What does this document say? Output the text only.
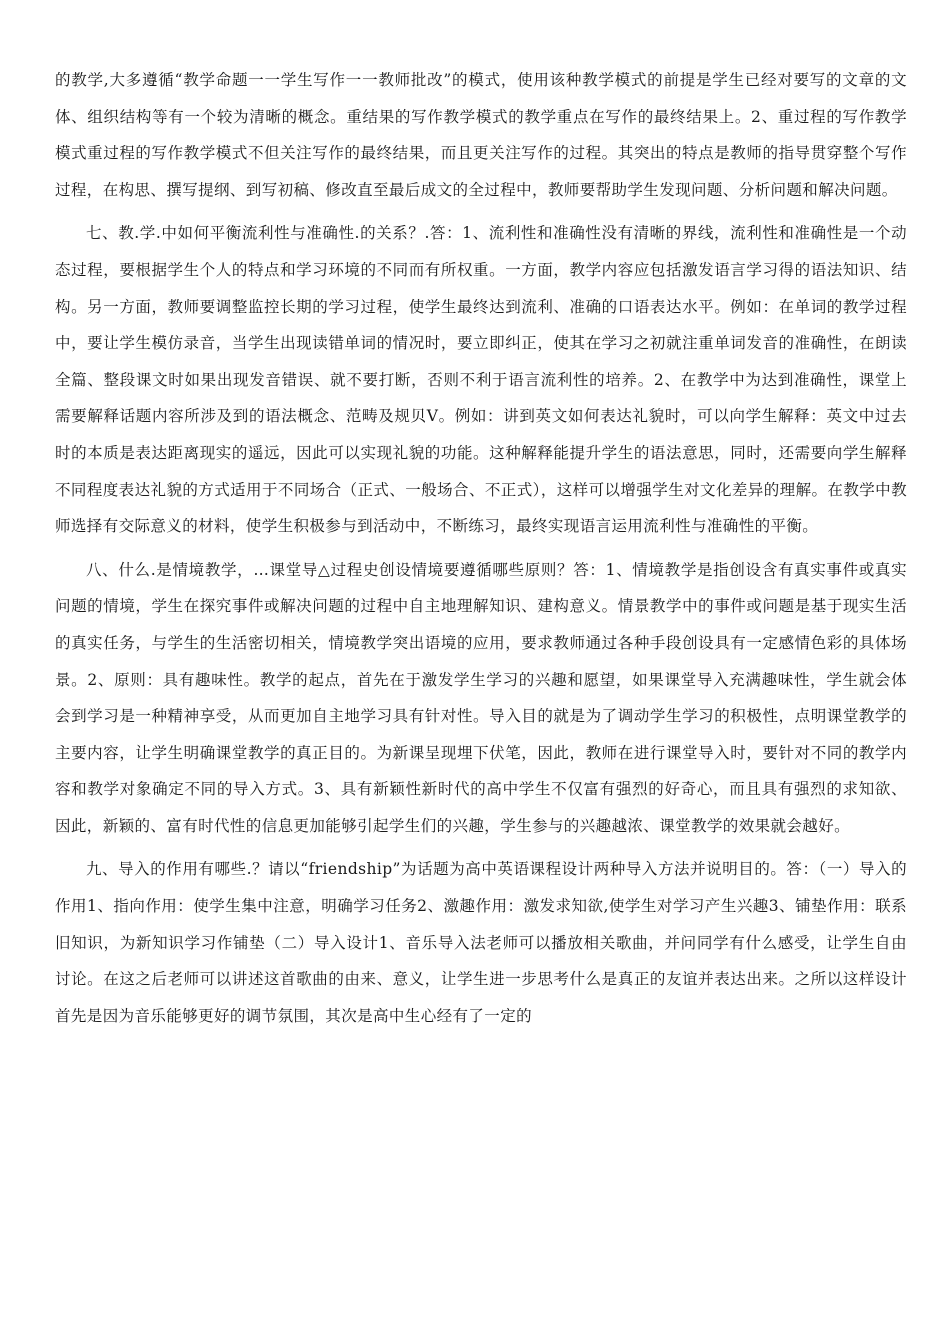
的教学,大多遵循“教学命题一一学生写作一一教师批改”的模式，使用该种教学模式的前提是学生已经对要写的文章的文体、组织结构等有一个较为清晰的概念。重结果的写作教学模式的教学重点在写作的最终结果上。2、重过程的写作教学模式重过程的写作教学模式不但关注写作的最终结果，而且更关注写作的过程。其突出的特点是教师的指导贯穿整个写作过程，在构思、撰写提纲、到写初稿、修改直至最后成文的全过程中，教师要帮助学生发现问题、分析问题和解决问题。

七、教.学.中如何平衡流利性与准确性.的关系？.答：1、流利性和准确性没有清晰的界线，流利性和准确性是一个动态过程，要根据学生个人的特点和学习环境的不同而有所权重。一方面，教学内容应包括激发语言学习得的语法知识、结构。另一方面，教师要调整监控长期的学习过程，使学生最终达到流利、准确的口语表达水平。例如：在单词的教学过程中，要让学生模仿录音，当学生出现读错单词的情况时，要立即纠正，使其在学习之初就注重单词发音的准确性，在朗读全篇、整段课文时如果出现发音错误、就不要打断，否则不利于语言流利性的培养。2、在教学中为达到准确性，课堂上需要解释话题内容所涉及到的语法概念、范畴及规贝V。例如：讲到英文如何表达礼貌时，可以向学生解释：英文中过去时的本质是表达距离现实的遥远，因此可以实现礼貌的功能。这种解释能提升学生的语法意思，同时，还需要向学生解释不同程度表达礼貌的方式适用于不同场合（正式、一般场合、不正式），这样可以增强学生对文化差异的理解。在教学中教师选择有交际意义的材料，使学生积极参与到活动中，不断练习，最终实现语言运用流利性与准确性的平衡。

八、什么.是情境教学，…课堂导△过程史创设情境要遵循哪些原则？答：1、情境教学是指创设含有真实事件或真实问题的情境，学生在探究事件或解决问题的过程中自主地理解知识、建构意义。情景教学中的事件或问题是基于现实生活的真实任务，与学生的生活密切相关，情境教学突出语境的应用，要求教师通过各种手段创设具有一定感情色彩的具体场景。2、原则：具有趣味性。教学的起点，首先在于激发学生学习的兴趣和愿望，如果课堂导入充满趣味性，学生就会体会到学习是一种精神享受，从而更加自主地学习具有针对性。导入目的就是为了调动学生学习的积极性，点明课堂教学的主要内容，让学生明确课堂教学的真正目的。为新课呈现埋下伏笔，因此，教师在进行课堂导入时，要针对不同的教学内容和教学对象确定不同的导入方式。3、具有新颖性新时代的高中学生不仅富有强烈的好奇心，而且具有强烈的求知欲、因此，新颖的、富有时代性的信息更加能够引起学生们的兴趣，学生参与的兴趣越浓、课堂教学的效果就会越好。

九、导入的作用有哪些.？请以“friendship”为话题为高中英语课程设计两种导入方法并说明目的。答：（一）导入的作用1、指向作用：使学生集中注意，明确学习任务2、激趣作用：激发求知欲,使学生对学习产生兴趣3、铺垫作用：联系旧知识，为新知识学习作铺垫（二）导入设计1、音乐导入法老师可以播放相关歌曲，并问同学有什么感受，让学生自由讨论。在这之后老师可以讲述这首歌曲的由来、意义，让学生进一步思考什么是真正的友谊并表达出来。之所以这样设计首先是因为音乐能够更好的调节氛围，其次是高中生心经有了一定的
